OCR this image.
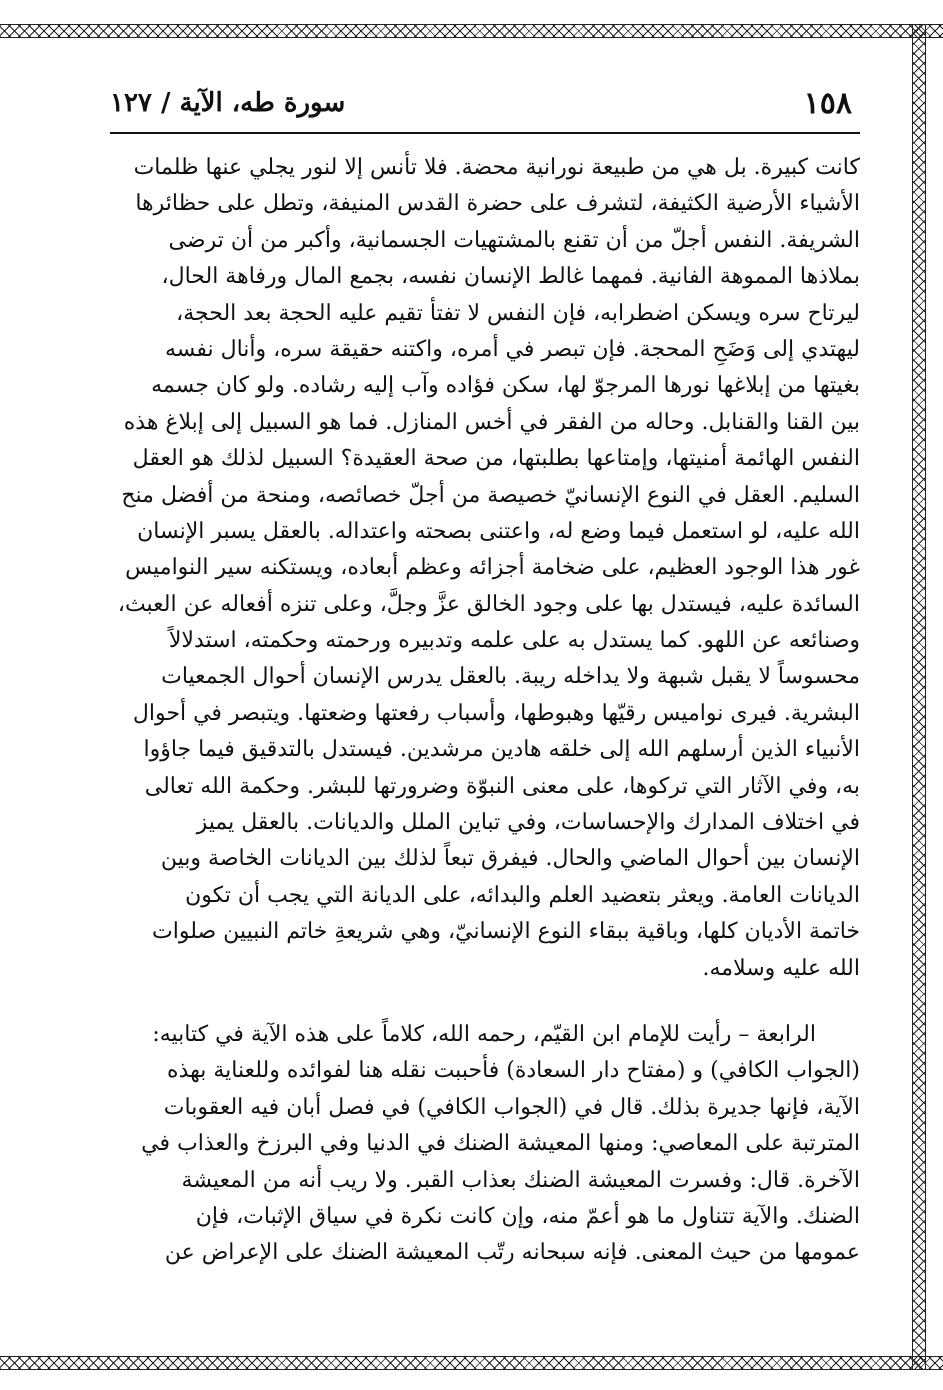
١٥٨
سورة طه، الآية / ١٢٧
كانت كبيرة. بل هي من طبيعة نورانية محضة. فلا تأنس إلا لنور يجلي عنها ظلمات
الأشياء الأرضية الكثيفة، لتشرف على حضرة القدس المنيفة، وتطل على حظائرها
الشريفة. النفس أجلّ من أن تقنع بالمشتهيات الجسمانية، وأكبر من أن ترضى
بملاذها المموهة الفانية. فمهما غالط الإنسان نفسه، بجمع المال ورفاهة الحال،
ليرتاح سره ويسكن اضطرابه، فإن النفس لا تفتأ تقيم عليه الحجة بعد الحجة،
ليهتدي إلى وَضَحِ المحجة. فإن تبصر في أمره، واكتنه حقيقة سره، وأنال نفسه
بغيتها من إبلاغها نورها المرجوّ لها، سكن فؤاده وآب إليه رشاده. ولو كان جسمه
بين القنا والقنابل. وحاله من الفقر في أخس المنازل. فما هو السبيل إلى إبلاغ هذه
النفس الهائمة أمنيتها، وإمتاعها بطلبتها، من صحة العقيدة؟ السبيل لذلك هو العقل
السليم. العقل في النوع الإنسانيّ خصيصة من أجلّ خصائصه، ومنحة من أفضل منح
الله عليه، لو استعمل فيما وضع له، واعتنى بصحته واعتداله. بالعقل يسبر الإنسان
غور هذا الوجود العظيم، على ضخامة أجزائه وعظم أبعاده، ويستكنه سير النواميس
السائدة عليه، فيستدل بها على وجود الخالق عزَّ وجلَّ، وعلى تنزه أفعاله عن العبث،
وصنائعه عن اللهو. كما يستدل به على علمه وتدبيره ورحمته وحكمته، استدلالاً
محسوساً لا يقبل شبهة ولا يداخله ريبة. بالعقل يدرس الإنسان أحوال الجمعيات
البشرية. فيرى نواميس رقيّها وهبوطها، وأسباب رفعتها وضعتها. ويتبصر في أحوال
الأنبياء الذين أرسلهم الله إلى خلقه هادين مرشدين. فيستدل بالتدقيق فيما جاؤوا
به، وفي الآثار التي تركوها، على معنى النبوّة وضرورتها للبشر. وحكمة الله تعالى
في اختلاف المدارك والإحساسات، وفي تباين الملل والديانات. بالعقل يميز
الإنسان بين أحوال الماضي والحال. فيفرق تبعاً لذلك بين الديانات الخاصة وبين
الديانات العامة. ويعثر بتعضيد العلم والبدائه، على الديانة التي يجب أن تكون
خاتمة الأديان كلها، وباقية ببقاء النوع الإنسانيّ، وهي شريعةِ خاتم النبيين صلوات
الله عليه وسلامه.
الرابعة – رأيت للإمام ابن القيّم، رحمه الله، كلاماً على هذه الآية في كتابيه:
(الجواب الكافي) و (مفتاح دار السعادة) فأحببت نقله هنا لفوائده وللعناية بهذه
الآية، فإنها جديرة بذلك. قال في (الجواب الكافي) في فصل أبان فيه العقوبات
المترتبة على المعاصي: ومنها المعيشة الضنك في الدنيا وفي البرزخ والعذاب في
الآخرة. قال: وفسرت المعيشة الضنك بعذاب القبر. ولا ريب أنه من المعيشة
الضنك. والآية تتناول ما هو أعمّ منه، وإن كانت نكرة في سياق الإثبات، فإن
عمومها من حيث المعنى. فإنه سبحانه رتّب المعيشة الضنك على الإعراض عن
